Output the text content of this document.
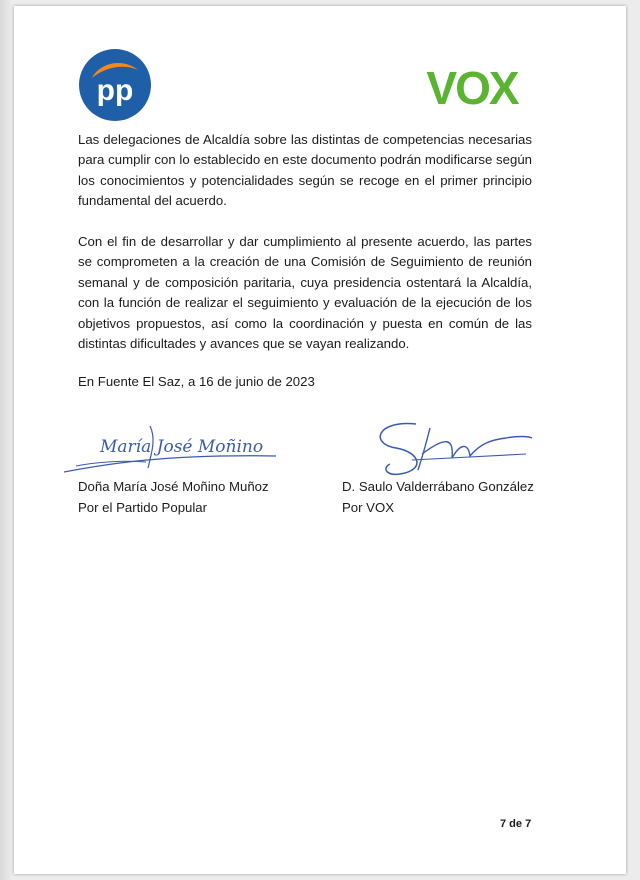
pp	VOX
Las delegaciones de Alcaldía sobre las distintas de competencias necesarias para cumplir con lo establecido en este documento podrán modificarse según los conocimientos y potencialidades según se recoge en el primer principio fundamental del acuerdo.
Con el fin de desarrollar y dar cumplimiento al presente acuerdo, las partes se comprometen a la creación de una Comisión de Seguimiento de reunión semanal y de composición paritaria, cuya presidencia ostentará la Alcaldía, con la función de realizar el seguimiento y evaluación de la ejecución de los objetivos propuestos, así como la coordinación y puesta en común de las distintas dificultades y avances que se vayan realizando.
En Fuente El Saz, a 16 de junio de 2023
María José Moñino
Doña María José Moñino Muñoz
Por el Partido Popular
D. Saulo Valderrábano González
Por VOX
7 de 7
